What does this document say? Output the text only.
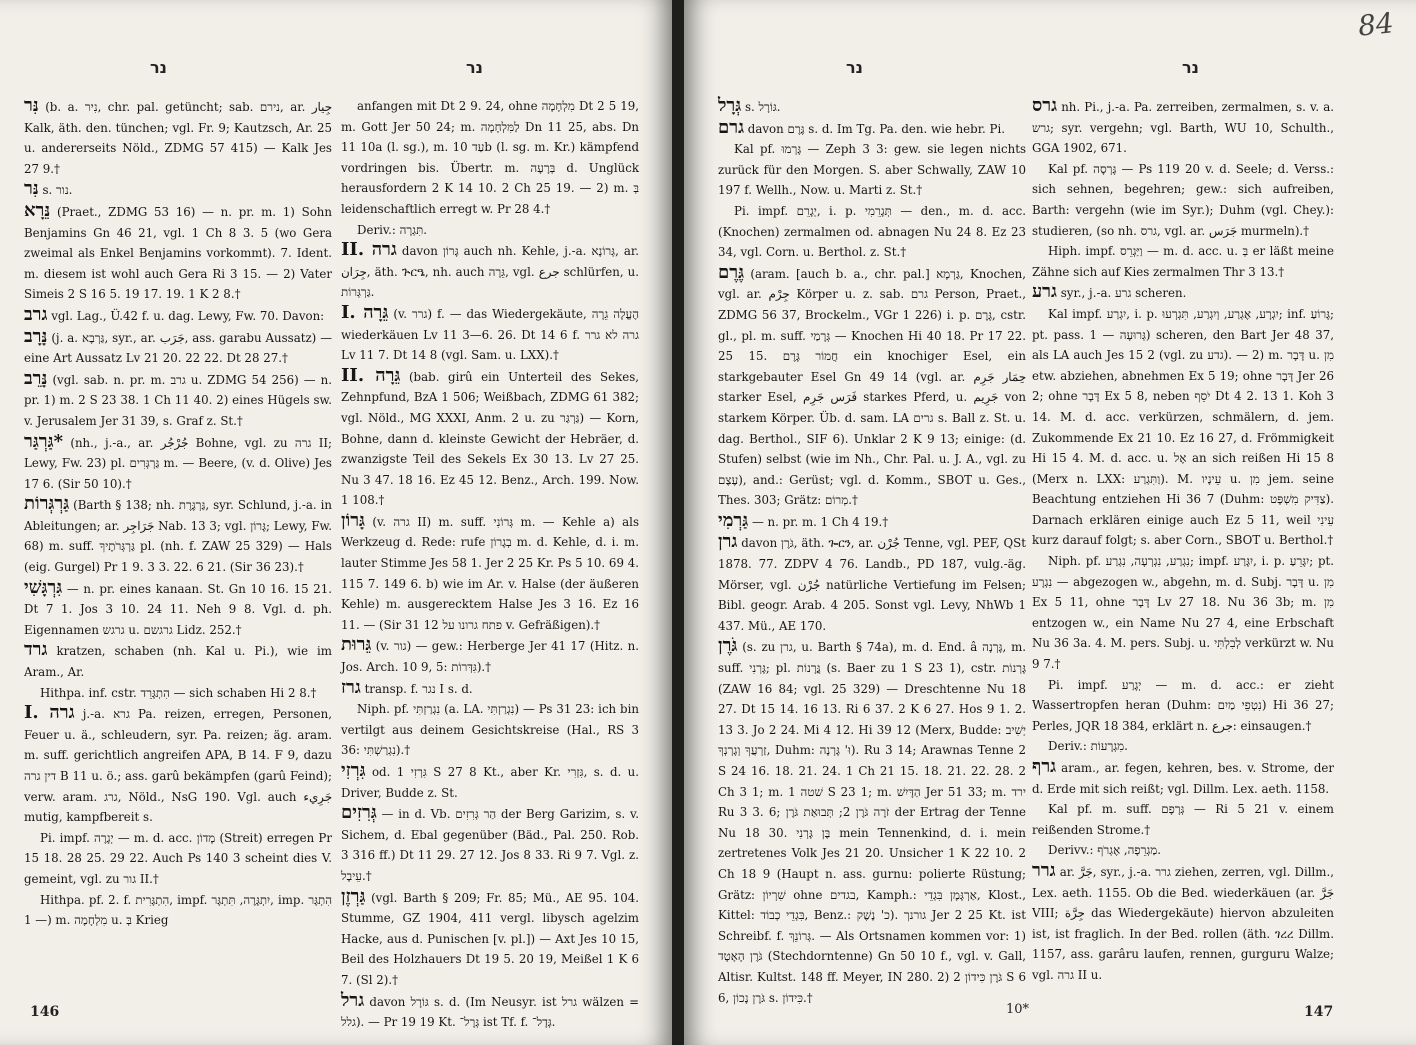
נר	נר

נִּר (b. a. נִיר, chr. pal. getüncht; sab. נירם, ar. جِيار Kalk, äth. den. tünchen; vgl. Fr. 9; Kautzsch, Ar. 25 u. andererseits Nöld., ZDMG 57 415) — Kalk Jes 27 9.†

נִּר s. נור.

נֵּרָא (Praet., ZDMG 53 16) — n. pr. m. 1) Sohn Benjamins Gn 46 21, vgl. 1 Ch 8 3. 5 (wo Gera zweimal als Enkel Benjamins vorkommt). 7. Ident. m. diesem ist wohl auch Gera Ri 3 15. — 2) Vater Simeis 2 S 16 5. 19 17. 19. 1 K 2 8.†

גרב vgl. Lag., Ü.42 f. u. dag. Lewy, Fw. 70. Davon:

נָּרָב (j. a. גַּרְבָא, syr., ar. جَرَب, ass. garabu Aussatz) — eine Art Aussatz Lv 21 20. 22 22. Dt 28 27.†

נָּרֵב (vgl. sab. n. pr. m. גרב u. ZDMG 54 256) — n. pr. 1) m. 2 S 23 38. 1 Ch 11 40. 2) eines Hügels sw. v. Jerusalem Jer 31 39, s. Graf z. St.†

גַּרְגַּר* (nh., j.-a., ar. جُرْجُر Bohne, vgl. zu גרה II; Lewy, Fw. 23) pl. גַּרְגְּרִים m. — Beere, (v. d. Olive) Jes 17 6. (Sir 50 10).†

גַּרְגְּרוֹת (Barth § 138; nh. גַּרְגֶּרֶת, syr. Schlund, j.-a. in Ableitungen; ar. جَرَاجِر Nab. 13 3; vgl. גָּרוֹן; Lewy, Fw. 68) m. suff. גַּרְגְּרֹתֶיךָ pl. (nh. f. ZAW 25 329) — Hals (eig. Gurgel) Pr 1 9. 3 3. 22. 6 21. (Sir 36 23).†

גִּרְגָּשִׁי — n. pr. eines kanaan. St. Gn 10 16. 15 21. Dt 7 1. Jos 3 10. 24 11. Neh 9 8. Vgl. d. ph. Eigennamen גרגש u. גרגשם Lidz. 252.†

גרד kratzen, schaben (nh. Kal u. Pi.), wie im Aram., Ar.

Hithpa. inf. cstr. הִתְגָּרֵד — sich schaben Hi 2 8.†

I. גרה j.-a. גרא Pa. reizen, erregen, Personen, Feuer u. ä., schleudern, syr. Pa. reizen; äg. aram. m. suff. gerichtlich angreifen APA, B 14. F 9, dazu דין גרה B 11 u. ö.; ass. garû bekämpfen (garû Feind); verw. aram. גרג, Nöld., NsG 190. Vgl. auch جَرِيء mutig, kampfbereit s.

Pi. impf. יְגָרֶה — m. d. acc. מָדוֹן (Streit) erregen Pr 15 18. 28 25. 29 22. Auch Ps 140 3 scheint dies V. gemeint, vgl. zu גור II.†

Hithpa. pf. 2. f. הִתְגָּרִית, impf. יִתְגָּרֶה, תִּתְגָּר, imp. הִתְגָּר — 1) m. מִלְחָמָה u. בְּ Krieg

anfangen mit Dt 2 9. 24, ohne מִלְחָמָה Dt 2 5 19, m. Gott Jer 50 24; m. לַמִּלְחָמָה Dn 11 25, abs. Dn 11 10a (l. sg.), m. עַד 10b (l. sg. m. Kr.) kämpfend vordringen bis. Übertr. m. בְּרָעָה d. Unglück herausfordern 2 K 14 10. 2 Ch 25 19. — 2) m. בְּ leidenschaftlich erregt w. Pr 28 4.†

Deriv.: תִּגְרָה.

II. גרה davon גָּרוֹן auch nh. Kehle, j.-a. גְּרוֹנָא, ar. جِرَان, äth. ጕርዔ, nh. auch גֵּרָה, vgl. جرع schlürfen, u. גַּרְגְּרוֹת.

I. גֵּרָה (v. גרר) f. — das Wiedergekäute, הֶעֱלָה גֵרָה wiederkäuen Lv 11 3—6. 26. Dt 14 6 f. גרה לא גרר Lv 11 7. Dt 14 8 (vgl. Sam. u. LXX).†

II. גֵּרָה (bab. girû ein Unterteil des Sekes, Zehnpfund, BzA 1 506; Weißbach, ZDMG 61 382; vgl. Nöld., MG XXXI, Anm. 2 u. zu גַּרְגַּר) — Korn, Bohne, dann d. kleinste Gewicht der Hebräer, d. zwanzigste Teil des Sekels Ex 30 13. Lv 27 25. Nu 3 47. 18 16. Ez 45 12. Benz., Arch. 199. Now. 1 108.†

גָּרוֹן (v. גרה II) m. suff. גְּרוֹנִי m. — Kehle a) als Werkzeug d. Rede: rufe בְגָרוֹן m. d. Kehle, d. i. m. lauter Stimme Jes 58 1. Jer 2 25 Kr. Ps 5 10. 69 4. 115 7. 149 6. b) wie im Ar. v. Halse (der äußeren Kehle) m. ausgerecktem Halse Jes 3 16. Ez 16 11. — (Sir 31 12 פתח גרונו על v. Gefräßigen).†

גֵּרוּת (v. גור) — gew.: Herberge Jer 41 17 (Hitz. n. Jos. Arch. 10 9, 5: גִּדְּרוֹת).†

גרז transp. f. נגר I s. d.

Niph. pf. נִגְרַזְתִּי (a. LA. נִגְרַזְתִּי) — Ps 31 23: ich bin vertilgt aus deinem Gesichtskreise (Hal., RS 3 36: נִגְרַשְׁתִּי).†

גִּרְזִי od. גִּרְזִי 1 S 27 8 Kt., aber Kr. גִּזְרִי, s. d. u. Driver, Budde z. St.

גְּרִזִים — in d. Vb. הַר גְּרִזִים der Berg Garizim, s. v. Sichem, d. Ebal gegenüber (Bäd., Pal. 250. Rob. 3 316 ff.) Dt 11 29. 27 12. Jos 8 33. Ri 9 7. Vgl. z. עֵיבָל.†

גַּרְזֶן (vgl. Barth § 209; Fr. 85; Mü., AE 95. 104. Stumme, GZ 1904, 411 vergl. libysch agelzim Hacke, aus d. Punischen [v. pl.]) — Axt Jes 10 15, Beil des Holzhauers Dt 19 5. 20 19, Meißel 1 K 6 7. (Sl 2).†

גרל davon גּוֹרָל s. d. (Im Neusyr. ist גרל wälzen = גלל). — Pr 19 19 Kt. גְּרָל־ ist Tf. f. גְּדָל־.

146
84
נר	נר

גְּרָל s. גּוֹרָל.

גרם davon גֶּרֶם s. d. Im Tg. Pa. den. wie hebr. Pi.

Kal pf. גָּרְמוּ — Zeph 3 3: gew. sie legen nichts zurück für den Morgen. S. aber Schwally, ZAW 10 197 f. Wellh., Now. u. Marti z. St.†

Pi. impf. יְגָרֵם, i. p. תְּגָרֵמִי — den., m. d. acc. (Knochen) zermalmen od. abnagen Nu 24 8. Ez 23 34, vgl. Corn. u. Berthol. z. St.†

גֶּרֶם (aram. [auch b. a., chr. pal.] גַּרְמָא, Knochen, vgl. ar. جِرْم Körper u. z. sab. גרם Person, Praet., ZDMG 56 37, Brockelm., VGr 1 226) i. p. גָּרֶם, cstr. gl., pl. m. suff. גְּרָמַי — Knochen Hi 40 18. Pr 17 22. 25 15. חֲמוֹר גָּרֶם ein knochiger Esel, ein starkgebauter Esel Gn 49 14 (vgl. ar. حِمَار جَرِم starker Esel, فَرَس جَرِم starkes Pferd, u. جَرِيم von starkem Körper. Üb. d. sam. LA גרים s. Ball z. St. u. dag. Berthol., SIF 6). Unklar 2 K 9 13; einige: (d. Stufen) selbst (wie im Nh., Chr. Pal. u. J. A., vgl. zu עֶצֶם), and.: Gerüst; vgl. d. Komm., SBOT u. Ges., Thes. 303; Grätz: מְרוֹם.†

גַּרְמִי — n. pr. m. 1 Ch 4 19.†

גרן davon גֹּרֶן, äth. ጐርን, ar. جُرْن Tenne, vgl. PEF, QSt 1878. 77. ZDPV 4 76. Landb., PD 187, vulg.-äg. Mörser, vgl. جُرْن natürliche Vertiefung im Felsen; Bibl. geogr. Arab. 4 205. Sonst vgl. Levy, NhWb 1 437. Mü., AE 170.

גֹּרֶן (s. zu גרן, u. Barth § 74a), m. d. End. â גָּרְנָה, m. suff. גָּרְנִי; pl. גֳּרָנוֹת (s. Baer zu 1 S 23 1), cstr. גָּרְנוֹת (ZAW 16 84; vgl. 25 329) — Dreschtenne Nu 18 27. Dt 15 14. 16 13. Ri 6 37. 2 K 6 27. Hos 9 1. 2. 13 3. Jo 2 24. Mi 4 12. Hi 39 12 (Merx, Budde: יְשִׁיב זַרְעֲךָ וְגָרְנְךָ, Duhm: וּ' גָּרְנָה). Ru 3 14; Arawnas Tenne 2 S 24 16. 18. 21. 24. 1 Ch 21 15. 18. 21. 22. 28. 2 Ch 3 1; m. שׁטה 1 S 23 1; m. הַדָּיִשׁ Jer 51 33; m. ירד Ru 3 3. 6; זֹרֶה גֹּרֶן 2; תְּבוּאַת גֹּרֶן der Ertrag der Tenne Nu 18 30. בֶּן גָּרְנִי mein Tennenkind, d. i. mein zertretenes Volk Jes 21 20. Unsicher 1 K 22 10. 2 Ch 18 9 (Haupt n. ass. gurnu: polierte Rüstung; Grätz: שִׁרְיוֹן ohne בגדים, Kamph.: אַרְגָּמָן בִּגְדֵי, Klost., Kittel: בִּגְדֵי כְבוֹד, Benz.: כ' נֶשֶׁק). גורנך Jer 2 25 Kt. ist Schreibf. f. גְּרוֹנֵךְ. — Als Ortsnamen kommen vor: 1) גֹּרֶן הָאָטָד (Stechdorntenne) Gn 50 10 f., vgl. v. Gall, Altisr. Kultst. 148 ff. Meyer, IN 280. 2) גֹּרֶן כִּידוֹן 2 S 6 6, גֹּרֶן נָכוֹן s. כִּידוֹן.†

גרס nh. Pi., j.-a. Pa. zerreiben, zermalmen, s. v. a. גרש; syr. vergehn; vgl. Barth, WU 10, Schulth., GGA 1902, 671.

Kal pf. גָּרְסָה — Ps 119 20 v. d. Seele; d. Verss.: sich sehnen, begehren; gew.: sich aufreiben, Barth: vergehn (wie im Syr.); Duhm (vgl. Chey.): studieren, (so nh. גרס, vgl. ar. جَرَس murmeln).†

Hiph. impf. וַיַּגְרֵס — m. d. acc. u. בְּ er läßt meine Zähne sich auf Kies zermalmen Thr 3 13.†

גרע syr., j.-a. גרע scheren.

Kal impf. יִגְרַע, i. p. יִגְרָע, אֶגְרַע, וְיִגְרַע, תִּגְרְעוּ; inf. גָּרוֹעַ; pt. pass. גְּרוּעָה — 1) scheren, den Bart Jer 48 37, als LA auch Jes 15 2 (vgl. zu גדע). — 2) m. דָּבָר u. מִן etw. abziehen, abnehmen Ex 5 19; ohne דָּבָר Jer 26 2; ohne דָּבָר Ex 5 8, neben יֹסֵף Dt 4 2. 13 1. Koh 3 14. M. d. acc. verkürzen, schmälern, d. jem. Zukommende Ex 21 10. Ez 16 27, d. Frömmigkeit Hi 15 4. M. d. acc. u. אֶל an sich reißen Hi 15 8 (Merx n. LXX: וַתִּגְרַע). M. עֵינָיו u. מִן jem. seine Beachtung entziehen Hi 36 7 (Duhm: צַדִּיק מִשְׁפָּט). Darnach erklären einige auch Ez 5 11, weil עֵינִי kurz darauf folgt; s. aber Corn., SBOT u. Berthol.†

Niph. pf. נִגְרַע, נִגְרְעָה, נִגְרַע; impf. יִגָּרַע, i. p. יִגָּרֵעַ; pt. נִגְרָע — abgezogen w., abgehn, m. d. Subj. דָּבָר u. מִן Ex 5 11, ohne דָּבָר Lv 27 18. Nu 36 3b; m. מִן entzogen w., ein Name Nu 27 4, eine Erbschaft Nu 36 3a. 4. M. pers. Subj. u. לְבִלְתִּי verkürzt w. Nu 9 7.†

Pi. impf. יְגָרַע — m. d. acc.: er zieht Wassertropfen heran (Duhm: נִטְפֵי מַיִם) Hi 36 27; Perles, JQR 18 384, erklärt n. جرع: einsaugen.†

Deriv.: מִגְרָעוֹת.

גרף aram., ar. fegen, kehren, bes. v. Strome, der d. Erde mit sich reißt; vgl. Dillm. Lex. aeth. 1158.

Kal pf. m. suff. גְּרָפָם — Ri 5 21 v. einem reißenden Strome.†

Derivv.: מַגְרֵפָה, אֶגְרֹף.

גרר ar. جَرَّ, syr., j.-a. גרר ziehen, zerren, vgl. Dillm., Lex. aeth. 1155. Ob die Bed. wiederkäuen (ar. جَرَّ VIII; جِرَّة das Wiedergekäute) hiervon abzuleiten ist, ist fraglich. In der Bed. rollen (äth. ገረረ Dillm. 1157, ass. garâru laufen, rennen, gurguru Walze; vgl. גרה II u.

10*	147
